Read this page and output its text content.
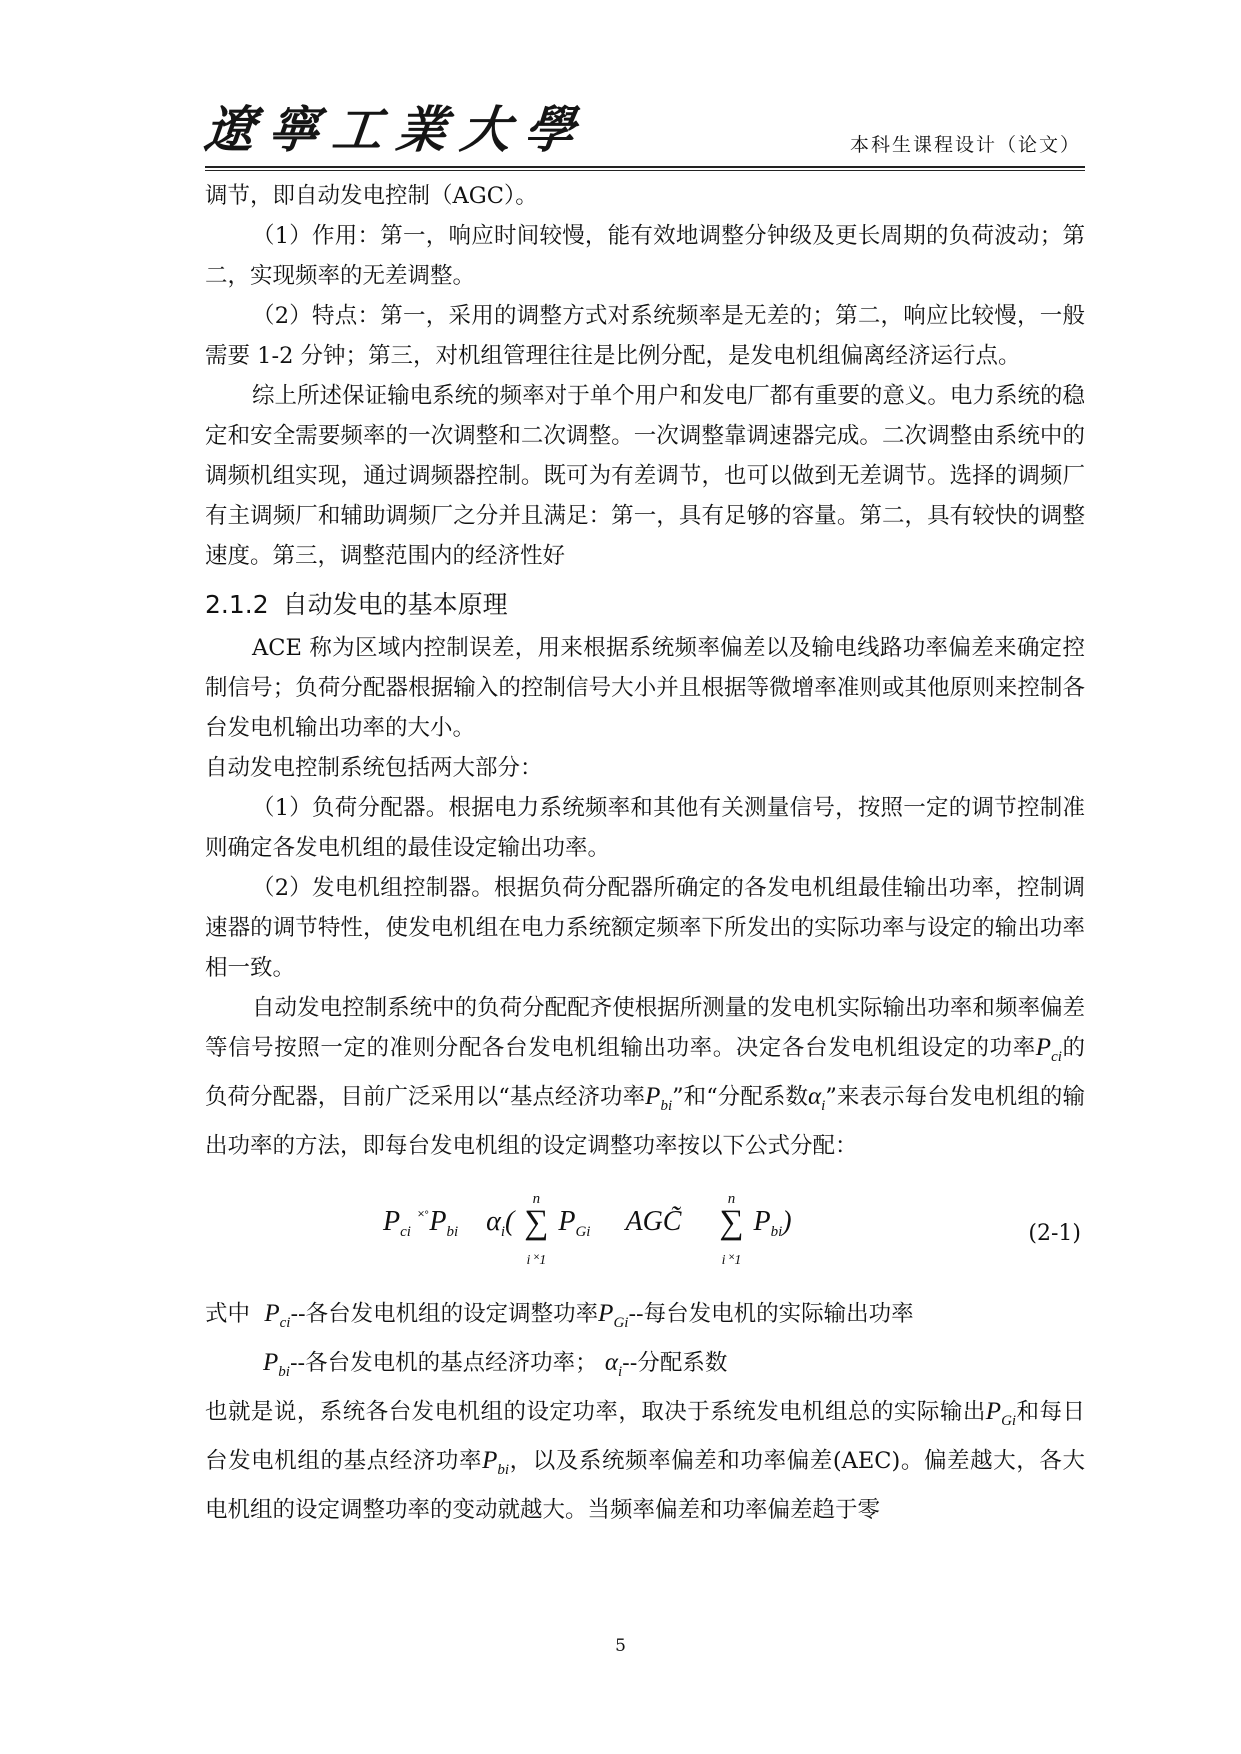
遼寧工業大學	本科生课程设计（论文）

调节，即自动发电控制（AGC）。

（1）作用：第一，响应时间较慢，能有效地调整分钟级及更长周期的负荷波动；第二，实现频率的无差调整。

（2）特点：第一，采用的调整方式对系统频率是无差的；第二，响应比较慢，一般需要 1-2 分钟；第三，对机组管理往往是比例分配，是发电机组偏离经济运行点。

综上所述保证输电系统的频率对于单个用户和发电厂都有重要的意义。电力系统的稳定和安全需要频率的一次调整和二次调整。一次调整靠调速器完成。二次调整由系统中的调频机组实现，通过调频器控制。既可为有差调节，也可以做到无差调节。选择的调频厂有主调频厂和辅助调频厂之分并且满足：第一，具有足够的容量。第二，具有较快的调整速度。第三，调整范围内的经济性好

2.1.2 自动发电的基本原理

ACE 称为区域内控制误差，用来根据系统频率偏差以及输电线路功率偏差来确定控制信号；负荷分配器根据输入的控制信号大小并且根据等微增率准则或其他原则来控制各台发电机输出功率的大小。

自动发电控制系统包括两大部分：

（1）负荷分配器。根据电力系统频率和其他有关测量信号，按照一定的调节控制准则确定各发电机组的最佳设定输出功率。

（2）发电机组控制器。根据负荷分配器所确定的各发电机组最佳输出功率，控制调速器的调节特性，使发电机组在电力系统额定频率下所发出的实际功率与设定的输出功率相一致。

自动发电控制系统中的负荷分配配齐使根据所测量的发电机实际输出功率和频率偏差等信号按照一定的准则分配各台发电机组输出功率。决定各台发电机组设定的功率$P_{ci}$的负荷分配器，目前广泛采用以“基点经济功率$P_{bi}$”和“分配系数$\alpha_i$”来表示每台发电机组的输出功率的方法，即每台发电机组的设定调整功率按以下公式分配：

$P_{ci}$ $^{˟˚}P_{bi}$ $\alpha_i$(
n
∑
i ˟1
$P_{Gi}$ AGC̃
n
∑
i ˟1
$P_{bi}$)	(2-1)

式中 $P_{ci}--$各台发电机组的设定调整功率$P_{Gi}--$每台发电机的实际输出功率

$P_{bi}--$各台发电机的基点经济功率； $\alpha_i--$分配系数

也就是说，系统各台发电机组的设定功率，取决于系统发电机组总的实际输出$P_{Gi}$和每日台发电机组的基点经济功率$P_{bi}$，以及系统频率偏差和功率偏差(AEC)。偏差越大，各大电机组的设定调整功率的变动就越大。当频率偏差和功率偏差趋于零

5
